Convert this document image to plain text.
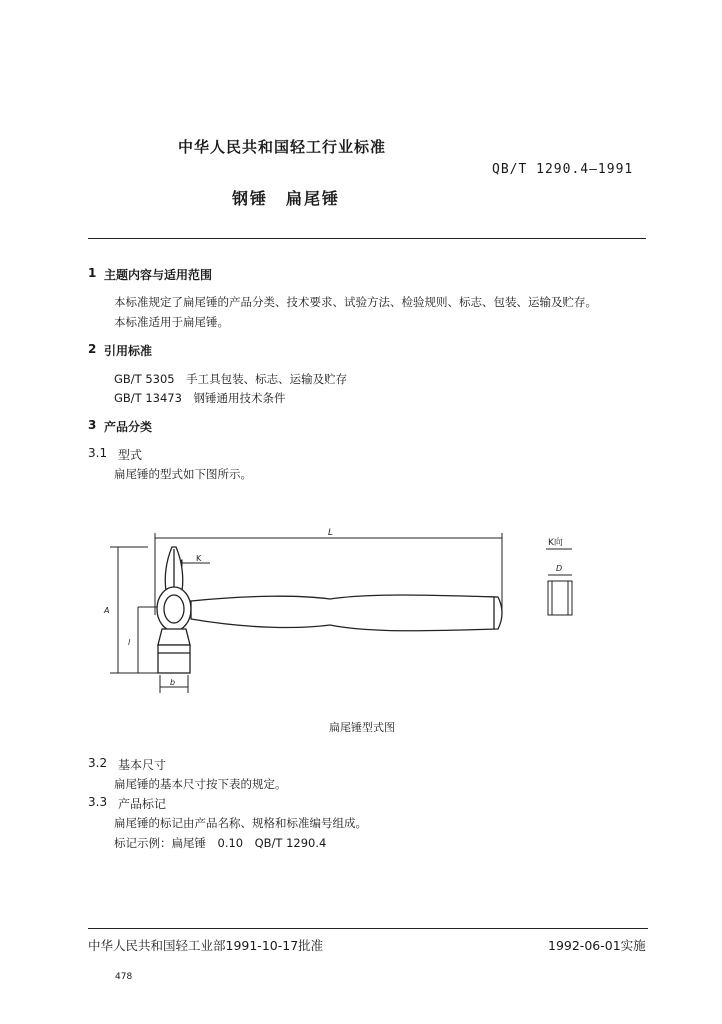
中华人民共和国轻工行业标准
QB/T 1290.4—1991
钢锤　扁尾锤
1 主题内容与适用范围
本标准规定了扁尾锤的产品分类、技术要求、试验方法、检验规则、标志、包装、运输及贮存。
本标准适用于扁尾锤。
2 引用标准
GB/T 5305　手工具包装、标志、运输及贮存
GB/T 13473　钢锤通用技术条件
3 产品分类
3.1 型式
扁尾锤的型式如下图所示。
L
K
A
l
b
K向
D
扁尾锤型式图
3.2 基本尺寸
扁尾锤的基本尺寸按下表的规定。
3.3 产品标记
扁尾锤的标记由产品名称、规格和标准编号组成。
标记示例：扁尾锤　0.10　QB/T 1290.4
中华人民共和国轻工业部1991-10-17批准	1992-06-01实施
478
